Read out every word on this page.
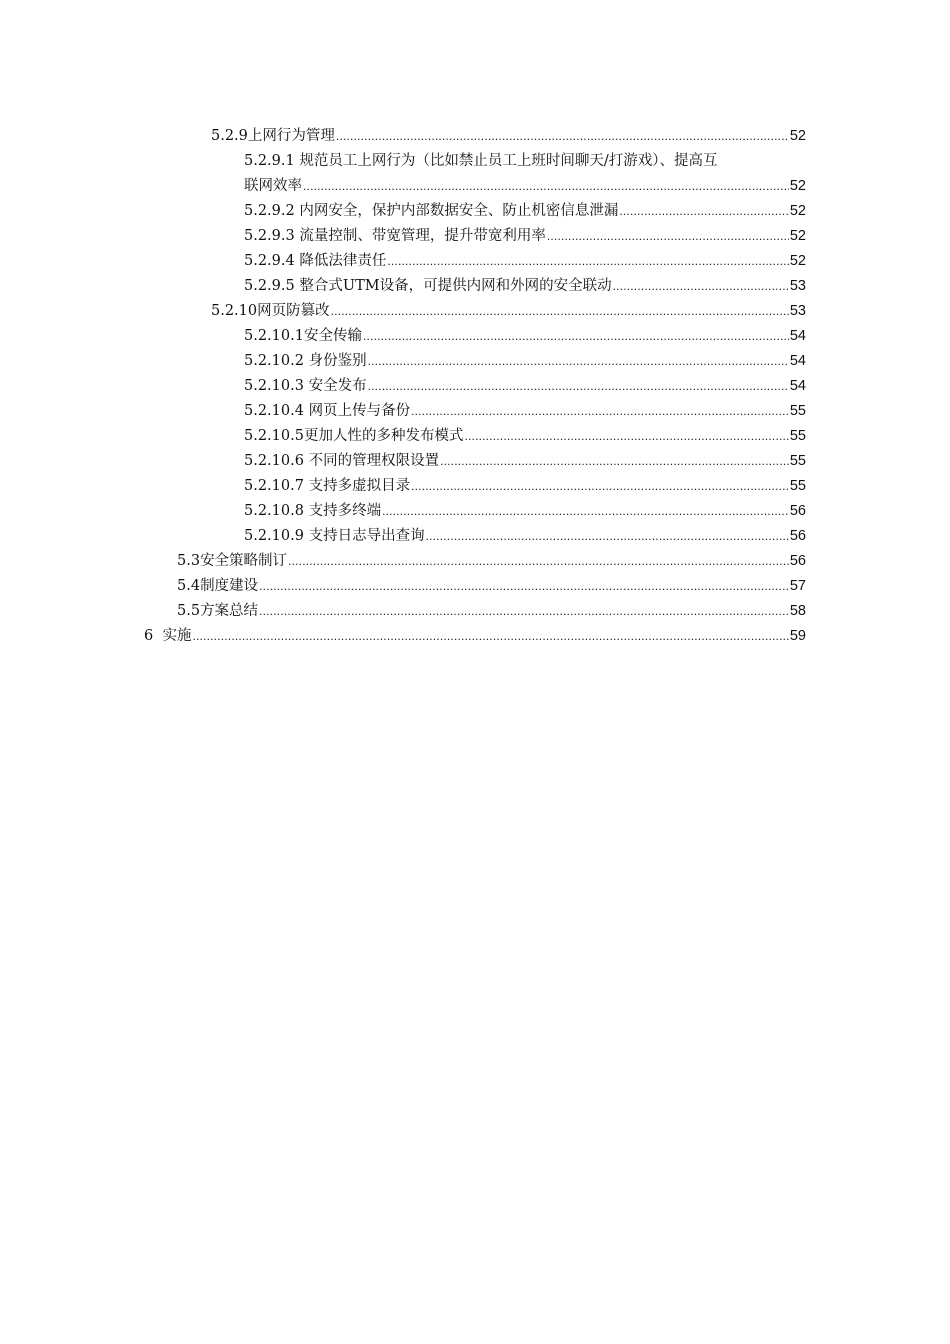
5.2.9上网行为管理 .....	52
5.2.9.1 规范员工上网行为（比如禁止员工上班时间聊天/打游戏）、提高互
联网效率 .....	52
5.2.9.2 内网安全，保护内部数据安全、防止机密信息泄漏 .....	52
5.2.9.3 流量控制、带宽管理，提升带宽利用率 .....	52
5.2.9.4 降低法律责任 .....	52
5.2.9.5 整合式UTM设备，可提供内网和外网的安全联动 .....	53
5.2.10网页防篡改 .....	53
5.2.10.1安全传输 .....	54
5.2.10.2 身份鉴别 .....	54
5.2.10.3 安全发布 .....	54
5.2.10.4 网页上传与备份 .....	55
5.2.10.5更加人性的多种发布模式 .....	55
5.2.10.6 不同的管理权限设置 .....	55
5.2.10.7 支持多虚拟目录 .....	55
5.2.10.8 支持多终端 .....	56
5.2.10.9 支持日志导出查询 .....	56
5.3安全策略制订 .....	56
5.4制度建设 .....	57
5.5方案总结 .....	58
6 实施 .....	59
